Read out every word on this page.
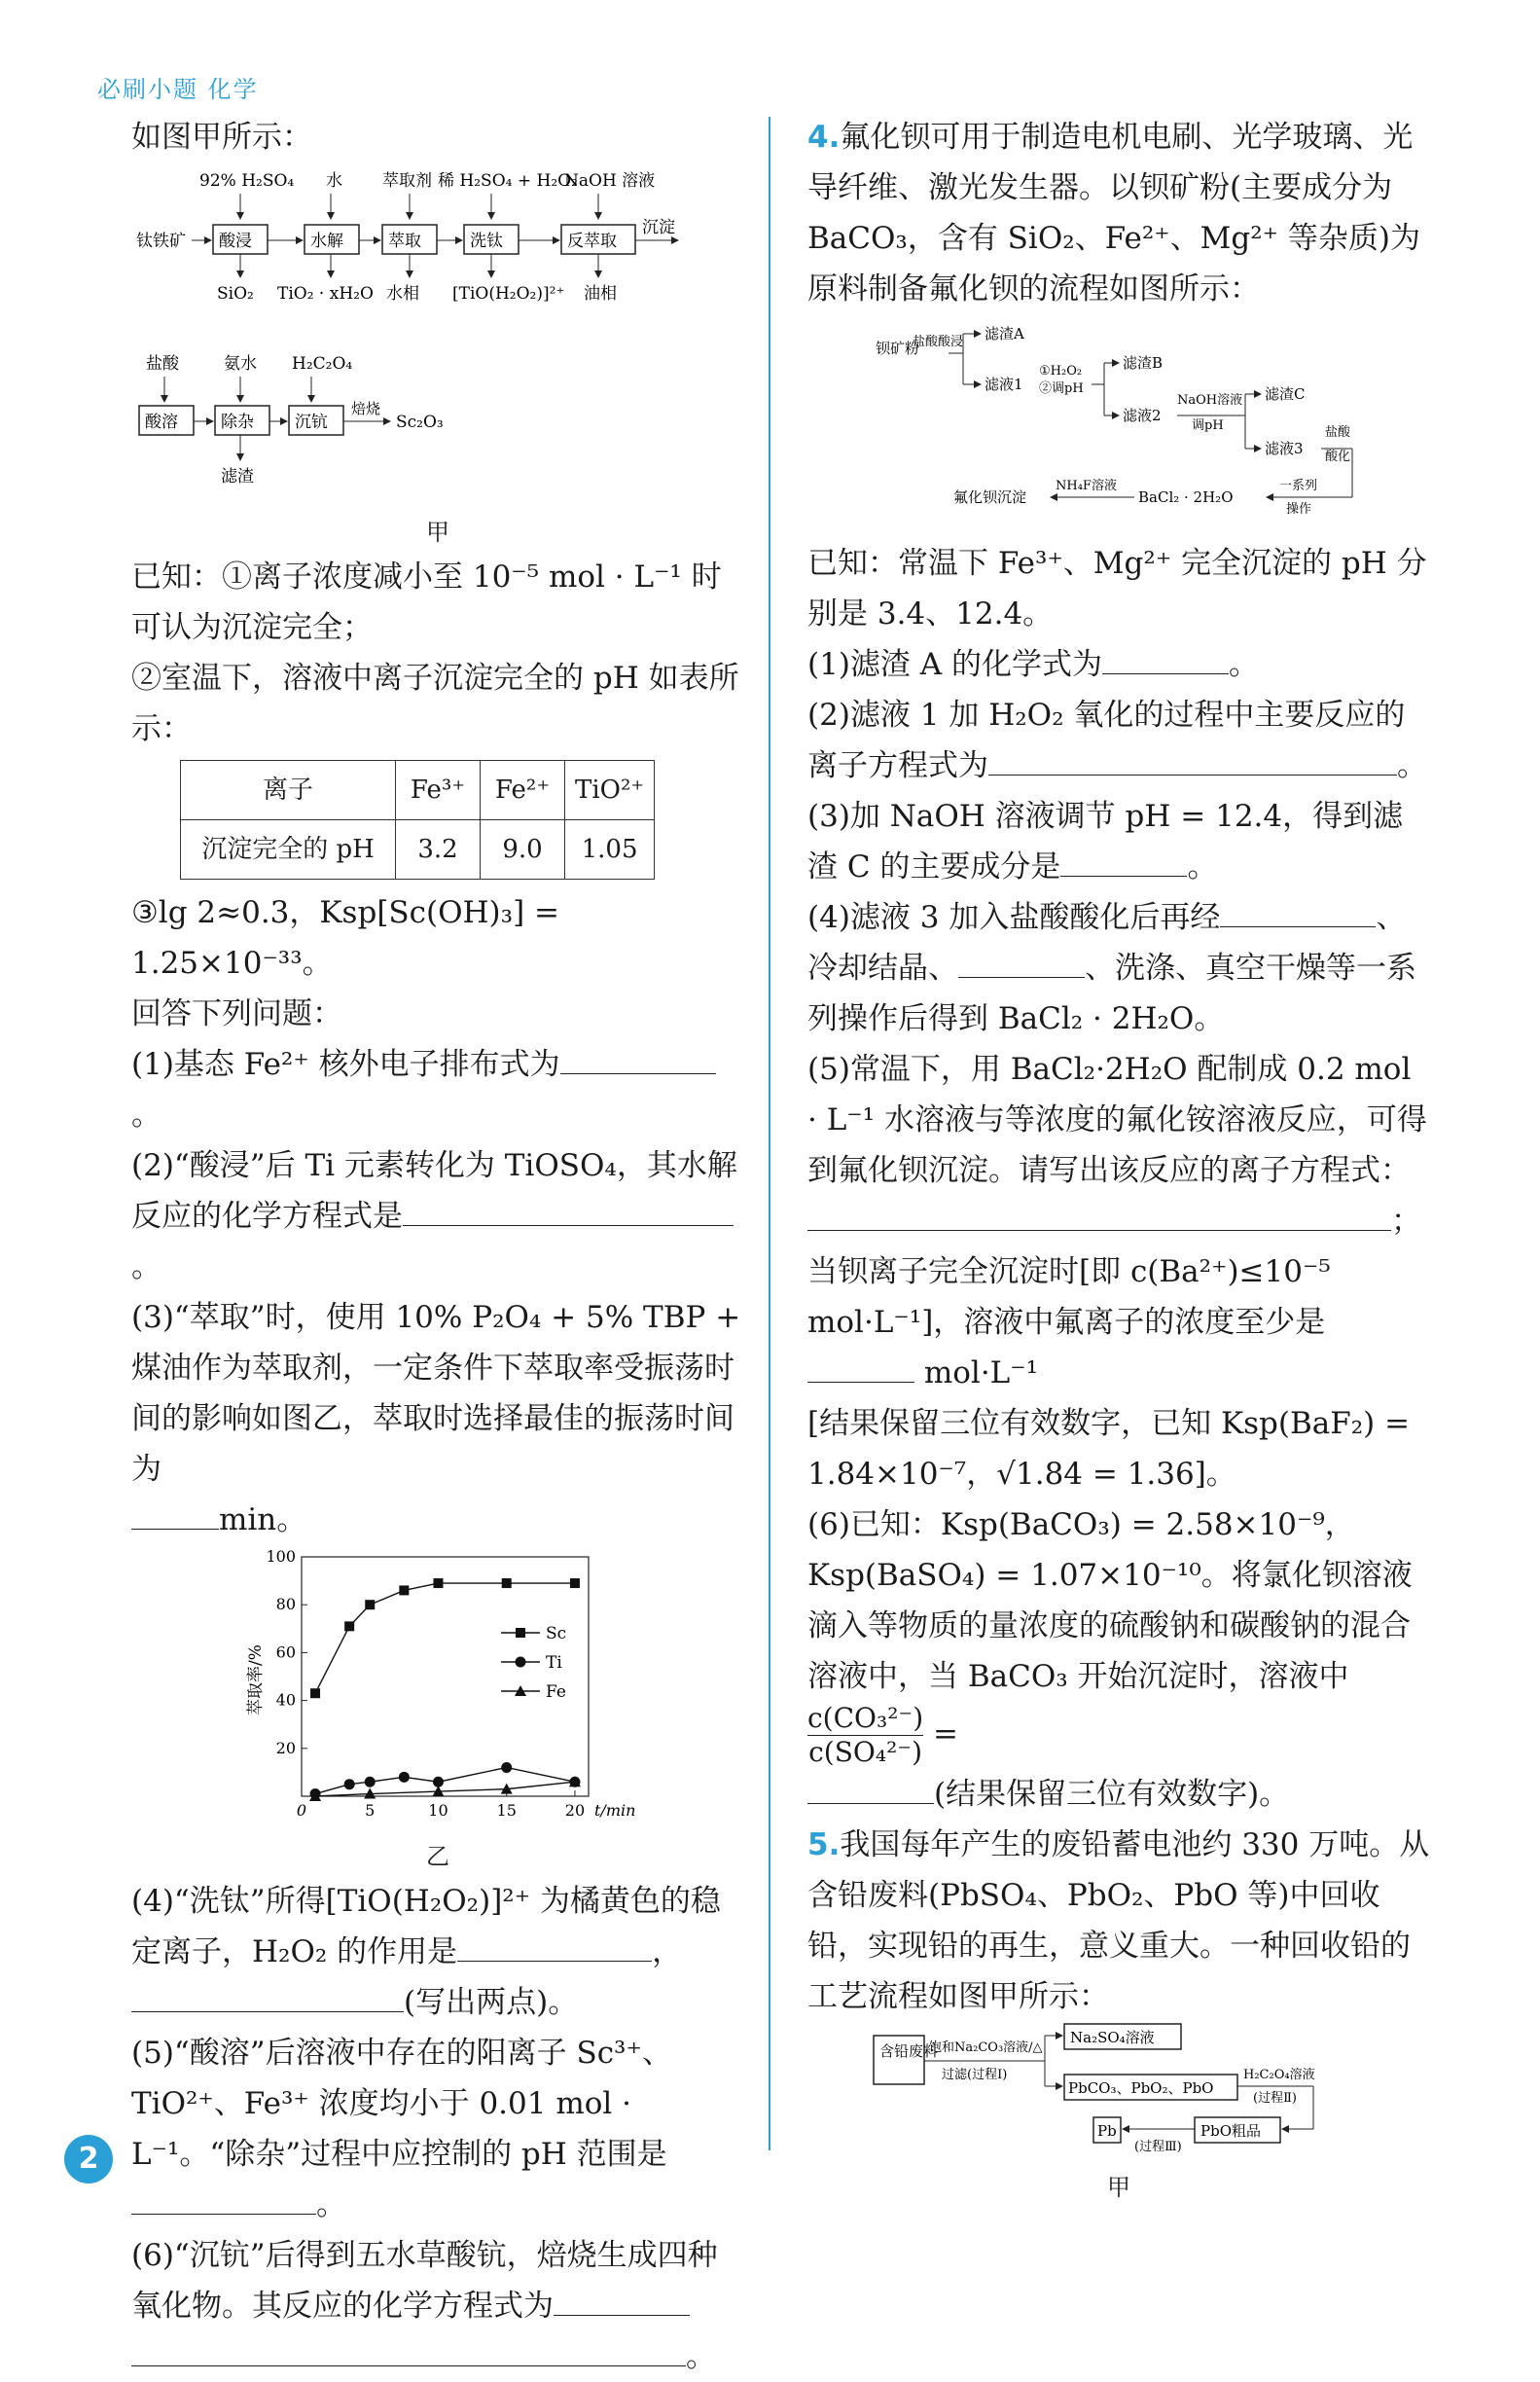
必刷小题 化学

如图甲所示：

92% H₂SO₄ 水 萃取剂 稀 H₂SO₄ + H₂O₂
NaOH 溶液
钛铁矿 酸浸	水解	萃取	洗钛	反萃取
沉淀
SiO₂ TiO₂ · xH₂O 水相 [TiO(H₂O₂)]²⁺ 油相
盐酸	氨水 H₂C₂O₄
酸溶	除杂 沉钪
焙烧
Sc₂O₃
滤渣
甲

已知：①离子浓度减小至 10⁻⁵ mol · L⁻¹ 时可认为沉淀完全；

②室温下，溶液中离子沉淀完全的 pH 如表所示：

离子	Fe³⁺	Fe²⁺	TiO²⁺
沉淀完全的 pH	3.2	9.0	1.05

③lg 2≈0.3，Ksp[Sc(OH)₃] = 1.25×10⁻³³。

回答下列问题：

(1)基态 Fe²⁺ 核外电子排布式为。

(2)“酸浸”后 Ti 元素转化为 TiOSO₄，其水解反应的化学方程式是。

(3)“萃取”时，使用 10% P₂O₄ + 5% TBP + 煤油作为萃取剂，一定条件下萃取率受振荡时间的影响如图乙，萃取时选择最佳的振荡时间为

min。

20
40
60
80
100
0	5	10	15	20 t/min
萃取率/%
Sc
Ti
Fe
乙

(4)“洗钛”所得[TiO(H₂O₂)]²⁺ 为橘黄色的稳定离子，H₂O₂ 的作用是	，

(写出两点)。

(5)“酸溶”后溶液中存在的阳离子 Sc³⁺、TiO²⁺、Fe³⁺ 浓度均小于 0.01 mol · L⁻¹。“除杂”过程中应控制的 pH 范围是。

(6)“沉钪”后得到五水草酸钪，焙烧生成四种氧化物。其反应的化学方程式为

。

4.氟化钡可用于制造电机电刷、光学玻璃、光导纤维、激光发生器。以钡矿粉(主要成分为 BaCO₃，含有 SiO₂、Fe²⁺、Mg²⁺ 等杂质)为原料制备氟化钡的流程如图所示：

钡矿粉
盐酸酸浸 滤渣A
滤液1
①H₂O₂
②调pH
滤渣B
滤液2
NaOH溶液
调pH
滤渣C
滤液3
盐酸
酸化
一系列
操作
BaCl₂ · 2H₂O
NH₄F溶液
氟化钡沉淀

已知：常温下 Fe³⁺、Mg²⁺ 完全沉淀的 pH 分别是 3.4、12.4。

(1)滤渣 A 的化学式为	。

(2)滤液 1 加 H₂O₂ 氧化的过程中主要反应的离子方程式为	。

(3)加 NaOH 溶液调节 pH = 12.4，得到滤渣 C 的主要成分是	。

(4)滤液 3 加入盐酸酸化后再经	、

冷却结晶、	、洗涤、真空干燥等一系列操作后得到 BaCl₂ · 2H₂O。

(5)常温下，用 BaCl₂·2H₂O 配制成 0.2 mol · L⁻¹ 水溶液与等浓度的氟化铵溶液反应，可得到氟化钡沉淀。请写出该反应的离子方程式：

；

当钡离子完全沉淀时[即 c(Ba²⁺)≤10⁻⁵ mol·L⁻¹]，溶液中氟离子的浓度至少是 mol·L⁻¹

[结果保留三位有效数字，已知 Ksp(BaF₂) = 1.84×10⁻⁷，√1.84 = 1.36]。

(6)已知：Ksp(BaCO₃) = 2.58×10⁻⁹，Ksp(BaSO₄) = 1.07×10⁻¹⁰。将氯化钡溶液滴入等物质的量浓度的硫酸钠和碳酸钠的混合溶液中，当 BaCO₃ 开始沉淀时，溶液中
$\frac{\text{c(CO₃²⁻)}}{\text{c(SO₄²⁻)}}$ =

(结果保留三位有效数字)。

5.我国每年产生的废铅蓄电池约 330 万吨。从含铅废料(PbSO₄、PbO₂、PbO 等)中回收铅，实现铅的再生，意义重大。一种回收铅的工艺流程如图甲所示：

含铅废料
饱和Na₂CO₃溶液/△
过滤(过程Ⅰ)
Na₂SO₄溶液
PbCO₃、PbO₂、PbO
H₂C₂O₄溶液
(过程Ⅱ)
PbO粗品
(过程Ⅲ)
Pb
甲
2
